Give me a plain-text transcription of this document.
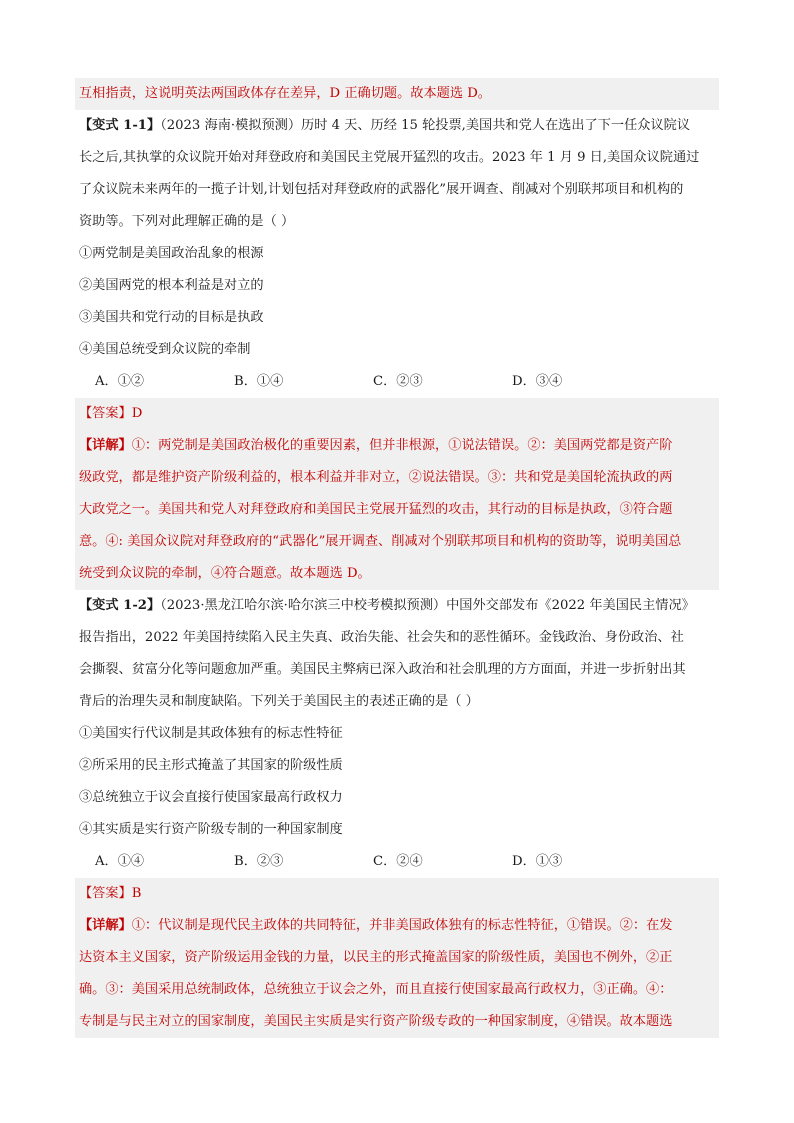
互相指责，这说明英法两国政体存在差异，D 正确切题。故本题选 D。
【变式 1-1】（2023 海南·模拟预测）历时 4 天、历经 15 轮投票,美国共和党人在选出了下一任众议院议
长之后,其执掌的众议院开始对拜登政府和美国民主党展开猛烈的攻击。2023 年 1 月 9 日,美国众议院通过
了众议院未来两年的一揽子计划,计划包括对拜登政府的武器化”展开调查、削减对个别联邦项目和机构的
资助等。下列对此理解正确的是（ ）
①两党制是美国政治乱象的根源
②美国两党的根本利益是对立的
③美国共和党行动的目标是执政
④美国总统受到众议院的牵制
A．①②	B．①④	C．②③	D．③④
【答案】D
【详解】①：两党制是美国政治极化的重要因素，但并非根源，①说法错误。②：美国两党都是资产阶
级政党，都是维护资产阶级利益的，根本利益并非对立，②说法错误。③：共和党是美国轮流执政的两
大政党之一。美国共和党人对拜登政府和美国民主党展开猛烈的攻击，其行动的目标是执政，③符合题
意。④: 美国众议院对拜登政府的“武器化”展开调查、削减对个别联邦项目和机构的资助等，说明美国总
统受到众议院的牵制，④符合题意。故本题选 D。
【变式 1-2】（2023·黑龙江哈尔滨·哈尔滨三中校考模拟预测）中国外交部发布《2022 年美国民主情况》
报告指出，2022 年美国持续陷入民主失真、政治失能、社会失和的恶性循环。金钱政治、身份政治、社
会撕裂、贫富分化等问题愈加严重。美国民主弊病已深入政治和社会肌理的方方面面，并进一步折射出其
背后的治理失灵和制度缺陷。下列关于美国民主的表述正确的是（ ）
①美国实行代议制是其政体独有的标志性特征
②所采用的民主形式掩盖了其国家的阶级性质
③总统独立于议会直接行使国家最高行政权力
④其实质是实行资产阶级专制的一种国家制度
A．①④	B．②③	C．②④	D．①③
【答案】B
【详解】①：代议制是现代民主政体的共同特征，并非美国政体独有的标志性特征，①错误。②：在发
达资本主义国家，资产阶级运用金钱的力量，以民主的形式掩盖国家的阶级性质，美国也不例外，②正
确。③：美国采用总统制政体，总统独立于议会之外，而且直接行使国家最高行政权力，③正确。④：
专制是与民主对立的国家制度，美国民主实质是实行资产阶级专政的一种国家制度，④错误。故本题选
